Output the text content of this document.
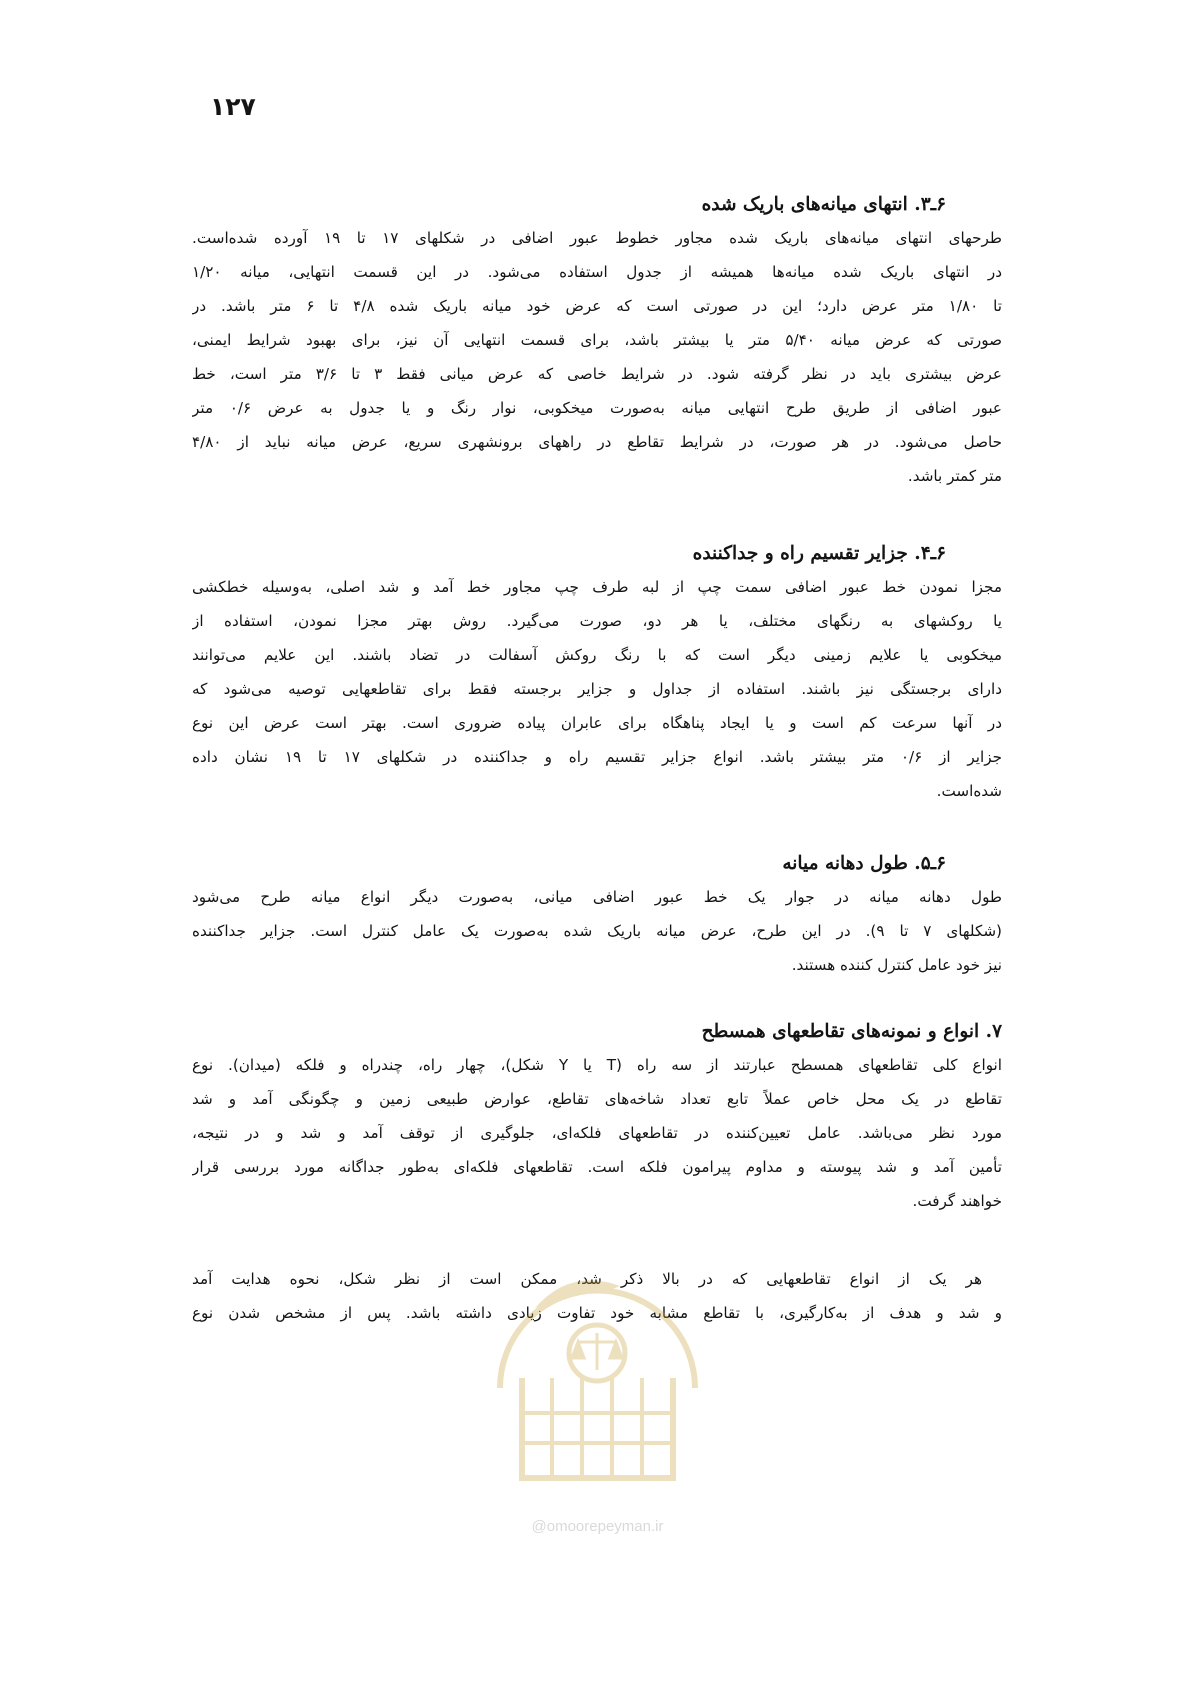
۱۲۷
۶ـ۳. انتهای میانه‌های باریک شده
طرحهای انتهای میانه‌های باریک شده مجاور خطوط عبور اضافی در شکلهای ۱۷ تا ۱۹ آورده شده‌است.
در انتهای باریک شده میانه‌ها همیشه از جدول استفاده می‌شود. در این قسمت انتهایی، میانه ۱/۲۰
تا ۱/۸۰ متر عرض دارد؛ این در صورتی است که عرض خود میانه باریک شده ۴/۸ تا ۶ متر باشد. در
صورتی که عرض میانه ۵/۴۰ متر یا بیشتر باشد، برای قسمت انتهایی آن نیز، برای بهبود شرایط ایمنی،
عرض بیشتری باید در نظر گرفته شود. در شرایط خاصی که عرض میانی فقط ۳ تا ۳/۶ متر است، خط
عبور اضافی از طریق طرح انتهایی میانه به‌صورت میخکوبی، نوار رنگ و یا جدول به عرض ۰/۶ متر
حاصل می‌شود. در هر صورت، در شرایط تقاطع در راههای برونشهری سریع، عرض میانه نباید از ۴/۸۰
متر کمتر باشد.
۶ـ۴. جزایر تقسیم راه و جداکننده
مجزا نمودن خط عبور اضافی سمت چپ از لبه طرف چپ مجاور خط آمد و شد اصلی، به‌وسیله خطکشی
یا روکشهای به رنگهای مختلف، یا هر دو، صورت می‌گیرد. روش بهتر مجزا نمودن، استفاده از
میخکوبی یا علایم زمینی دیگر است که با رنگ روکش آسفالت در تضاد باشند. این علایم می‌توانند
دارای برجستگی نیز باشند. استفاده از جداول و جزایر برجسته فقط برای تقاطعهایی توصیه می‌شود که
در آنها سرعت کم است و یا ایجاد پناهگاه برای عابران پیاده ضروری است. بهتر است عرض این نوع
جزایر از ۰/۶ متر بیشتر باشد. انواع جزایر تقسیم راه و جداکننده در شکلهای ۱۷ تا ۱۹ نشان داده
شده‌است.
۶ـ۵. طول دهانه میانه
طول دهانه میانه در جوار یک خط عبور اضافی میانی، به‌صورت دیگر انواع میانه طرح می‌شود
(شکلهای ۷ تا ۹). در این طرح، عرض میانه باریک شده به‌صورت یک عامل کنترل است. جزایر جداکننده
نیز خود عامل کنترل کننده هستند.
۷. انواع و نمونه‌های تقاطعهای همسطح
انواع کلی تقاطعهای همسطح عبارتند از سه راه (T یا Y شکل)، چهار راه، چندراه و فلکه (میدان). نوع
تقاطع در یک محل خاص عملاً تابع تعداد شاخه‌های تقاطع، عوارض طبیعی زمین و چگونگی آمد و شد
مورد نظر می‌باشد. عامل تعیین‌کننده در تقاطعهای فلکه‌ای، جلوگیری از توقف آمد و شد و در نتیجه،
تأمین آمد و شد پیوسته و مداوم پیرامون فلکه است. تقاطعهای فلکه‌ای به‌طور جداگانه مورد بررسی قرار
خواهند گرفت.
هر یک از انواع تقاطعهایی که در بالا ذکر شد، ممکن است از نظر شکل، نحوه هدایت آمد
و شد و هدف از به‌کارگیری، با تقاطع مشابه خود تفاوت زیادی داشته باشد. پس از مشخص شدن نوع
@omoorepeyman.ir
